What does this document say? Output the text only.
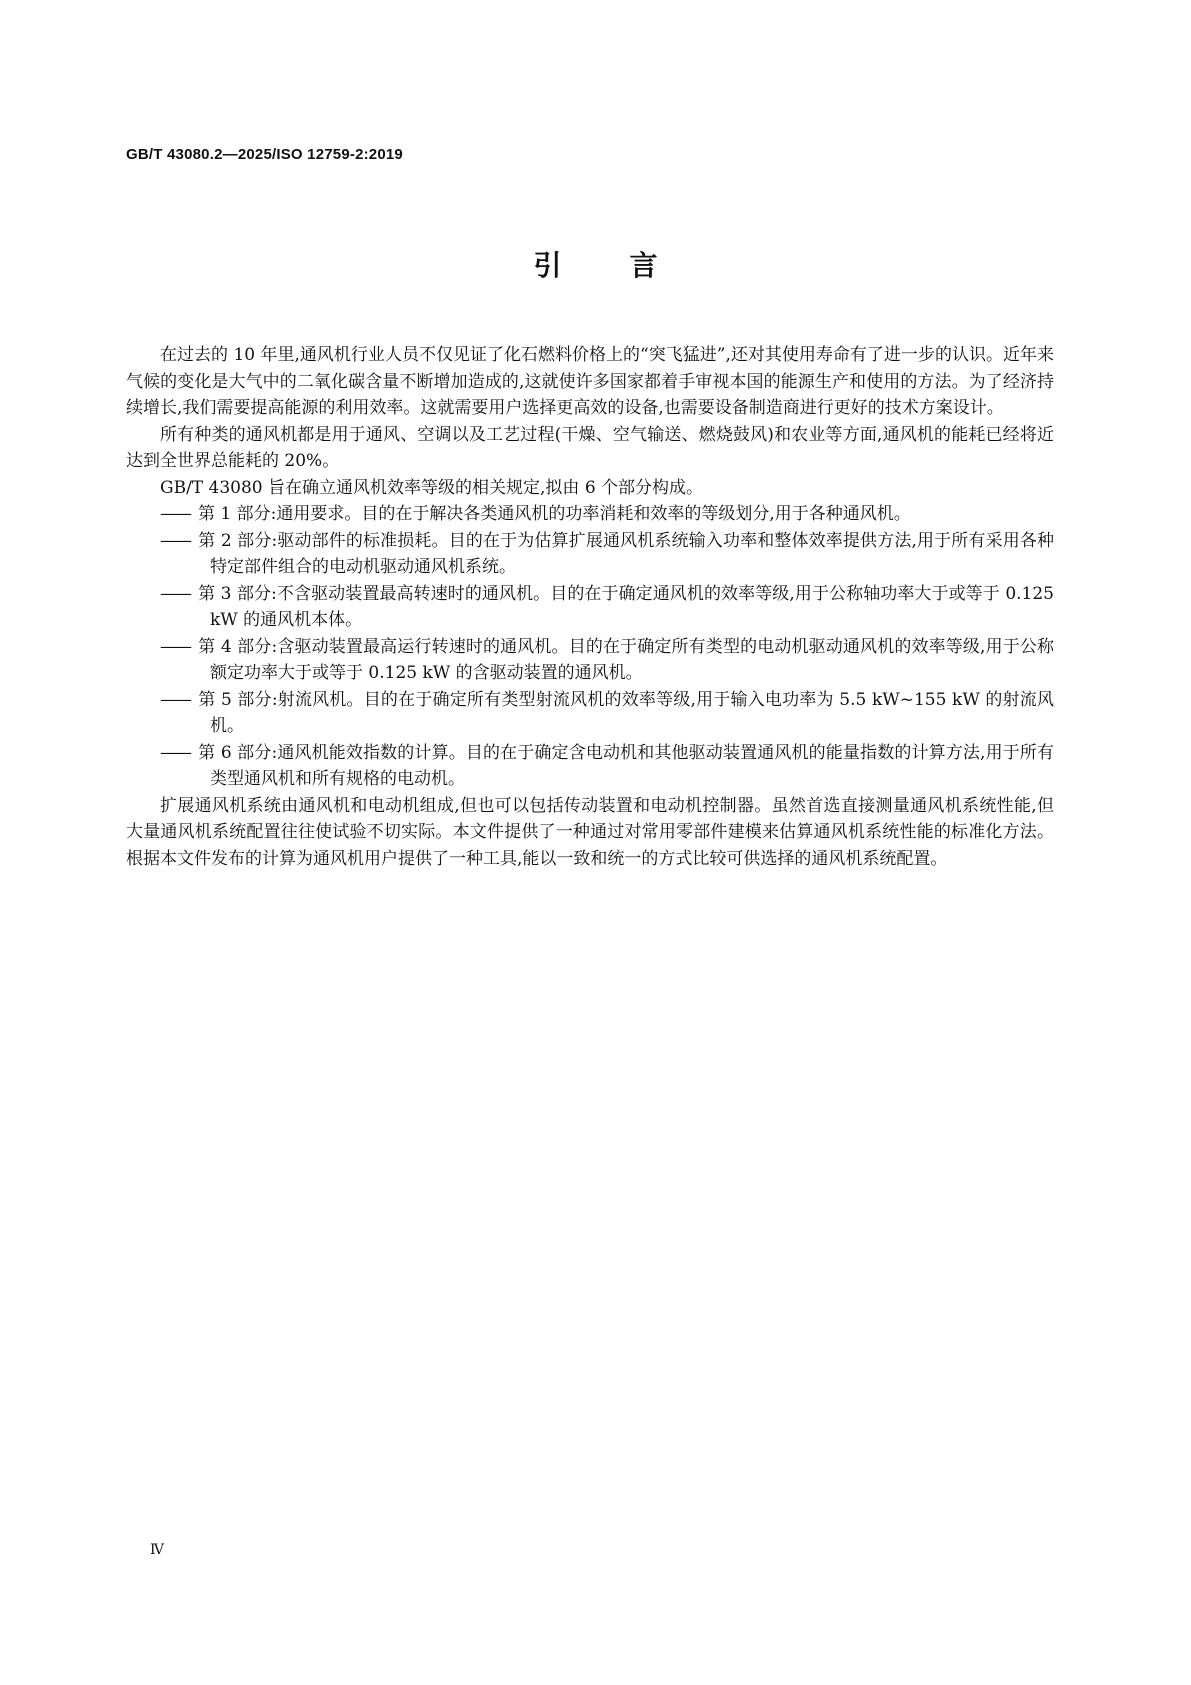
GB/T 43080.2—2025/ISO 12759-2:2019
引言

在过去的 10 年里,通风机行业人员不仅见证了化石燃料价格上的“突飞猛进”,还对其使用寿命有了进一步的认识。近年来气候的变化是大气中的二氧化碳含量不断增加造成的,这就使许多国家都着手审视本国的能源生产和使用的方法。为了经济持续增长,我们需要提高能源的利用效率。这就需要用户选择更高效的设备,也需要设备制造商进行更好的技术方案设计。

所有种类的通风机都是用于通风、空调以及工艺过程(干燥、空气输送、燃烧鼓风)和农业等方面,通风机的能耗已经将近达到全世界总能耗的 20%。

GB/T 43080 旨在确立通风机效率等级的相关规定,拟由 6 个部分构成。

—— 第 1 部分:通用要求。目的在于解决各类通风机的功率消耗和效率的等级划分,用于各种通风机。

—— 第 2 部分:驱动部件的标准损耗。目的在于为估算扩展通风机系统输入功率和整体效率提供方法,用于所有采用各种特定部件组合的电动机驱动通风机系统。

—— 第 3 部分:不含驱动装置最高转速时的通风机。目的在于确定通风机的效率等级,用于公称轴功率大于或等于 0.125 kW 的通风机本体。

—— 第 4 部分:含驱动装置最高运行转速时的通风机。目的在于确定所有类型的电动机驱动通风机的效率等级,用于公称额定功率大于或等于 0.125 kW 的含驱动装置的通风机。

—— 第 5 部分:射流风机。目的在于确定所有类型射流风机的效率等级,用于输入电功率为 5.5 kW~155 kW 的射流风机。

—— 第 6 部分:通风机能效指数的计算。目的在于确定含电动机和其他驱动装置通风机的能量指数的计算方法,用于所有类型通风机和所有规格的电动机。

扩展通风机系统由通风机和电动机组成,但也可以包括传动装置和电动机控制器。虽然首选直接测量通风机系统性能,但大量通风机系统配置往往使试验不切实际。本文件提供了一种通过对常用零部件建模来估算通风机系统性能的标准化方法。根据本文件发布的计算为通风机用户提供了一种工具,能以一致和统一的方式比较可供选择的通风机系统配置。

Ⅳ
